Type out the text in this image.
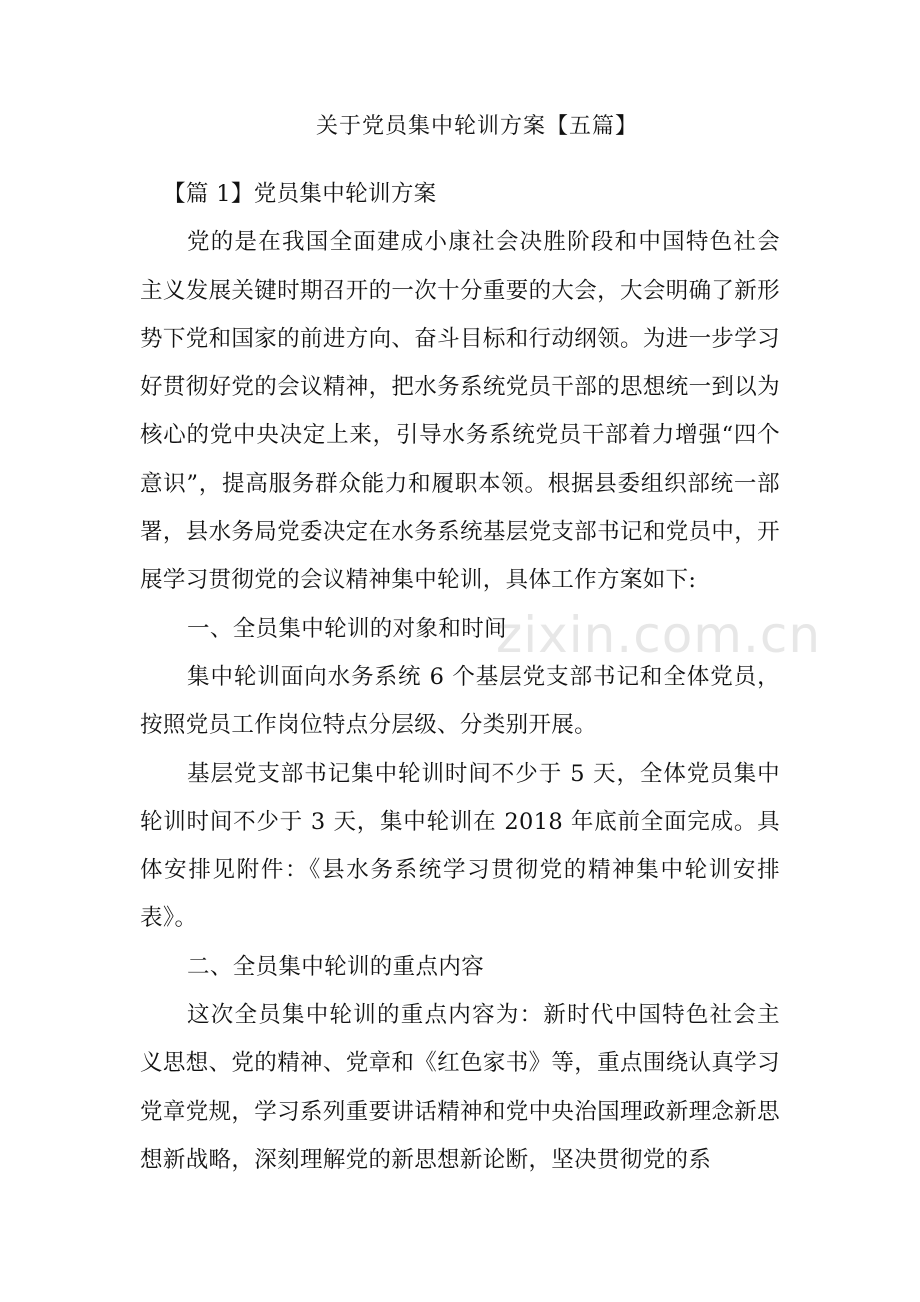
关于党员集中轮训方案【五篇】

【篇 1】党员集中轮训方案

党的是在我国全面建成小康社会决胜阶段和中国特色社会主义发展关键时期召开的一次十分重要的大会，大会明确了新形势下党和国家的前进方向、奋斗目标和行动纲领。为进一步学习好贯彻好党的会议精神，把水务系统党员干部的思想统一到以为核心的党中央决定上来，引导水务系统党员干部着力增强“四个意识”，提高服务群众能力和履职本领。根据县委组织部统一部署，县水务局党委决定在水务系统基层党支部书记和党员中，开展学习贯彻党的会议精神集中轮训，具体工作方案如下:

一、全员集中轮训的对象和时间

集中轮训面向水务系统 6 个基层党支部书记和全体党员，按照党员工作岗位特点分层级、分类别开展。

基层党支部书记集中轮训时间不少于 5 天，全体党员集中轮训时间不少于 3 天，集中轮训在 2018 年底前全面完成。具体安排见附件：《县水务系统学习贯彻党的精神集中轮训安排表》。

二、全员集中轮训的重点内容

这次全员集中轮训的重点内容为：新时代中国特色社会主义思想、党的精神、党章和《红色家书》等，重点围绕认真学习党章党规，学习系列重要讲话精神和党中央治国理政新理念新思想新战略，深刻理解党的新思想新论断，坚决贯彻党的系

zixin.com.cn
